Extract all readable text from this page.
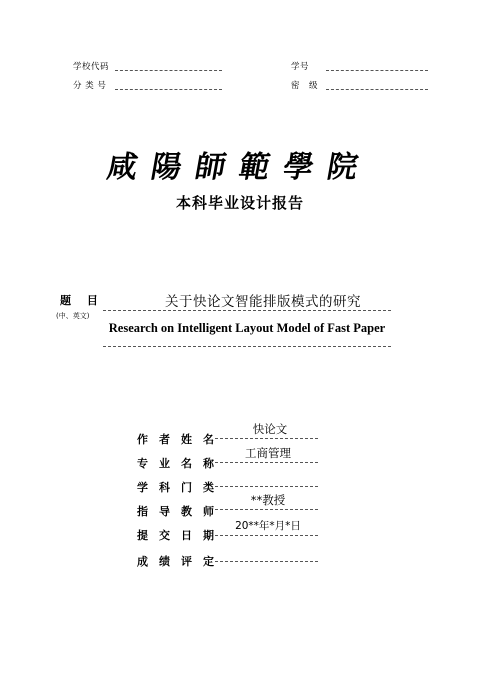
学校代码	学号
分 类 号	密　级
咸陽師範學院
本科毕业设计报告
题 目
(中、英文)
关于快论文智能排版模式的研究
Research on Intelligent Layout Model of Fast Paper
作者姓名
快论文
专业名称
工商管理
学科门类
指导教师
**教授
提交日期
20**年*月*日
成绩评定
